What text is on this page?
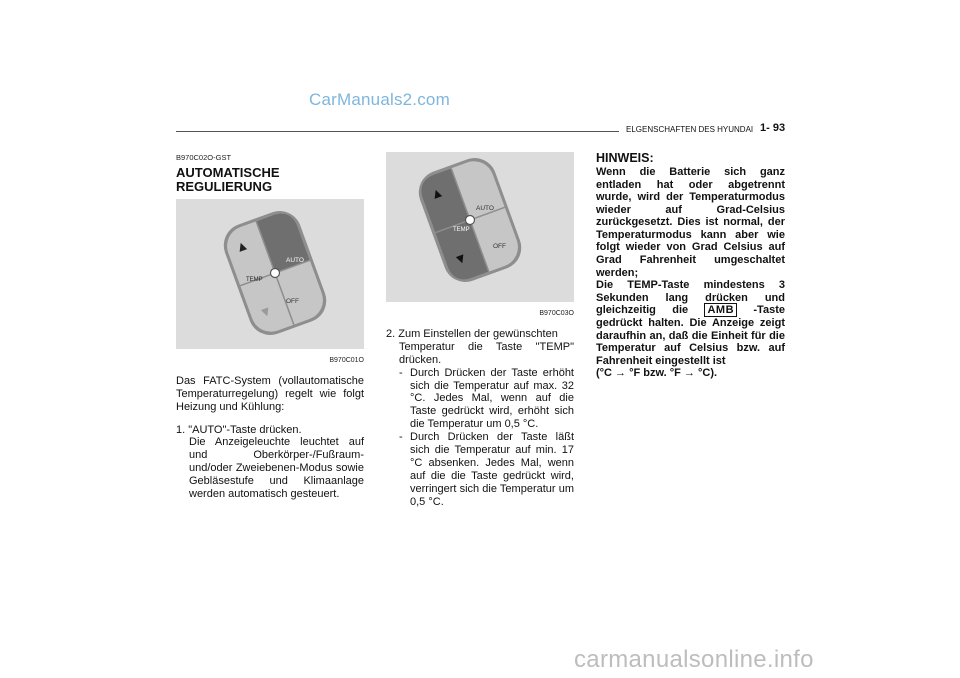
CarManuals2.com
ELGENSCHAFTEN DES HYUNDAI 1- 93
B970C02O-GST
AUTOMATISCHE
REGULIERUNG
AUTO
TEMP
OFF
B970C01O
Das FATC-System (vollautomatische Temperaturregelung) regelt wie folgt Heizung und Kühlung:
1. "AUTO"-Taste drücken.
Die Anzeigeleuchte leuchtet auf und Oberkörper-/Fußraum-und/oder Zweiebenen-Modus sowie Gebläsestufe und Klimaanlage werden automatisch gesteuert.
AUTO
TEMP
OFF
B970C03O
2. Zum Einstellen der gewünschten
Temperatur die Taste "TEMP" drücken.
- Durch Drücken der Taste erhöht sich die Temperatur auf max. 32 °C. Jedes Mal, wenn auf die Taste gedrückt wird, erhöht sich die Temperatur um 0,5 °C.
- Durch Drücken der Taste läßt sich die Temperatur auf min. 17 °C absenken. Jedes Mal, wenn auf die die Taste gedrückt wird, verringert sich die Temperatur um 0,5 °C.
HINWEIS:
Wenn die Batterie sich ganz entladen hat oder abgetrennt wurde, wird der Temperaturmodus wieder auf Grad-Celsius zurückgesetzt. Dies ist normal, der Temperaturmodus kann aber wie folgt wieder von Grad Celsius auf Grad Fahrenheit umgeschaltet werden;
Die TEMP-Taste mindestens 3 Sekunden lang drücken und gleichzeitig die AMB -Taste gedrückt halten. Die Anzeige zeigt daraufhin an, daß die Einheit für die Temperatur auf Celsius bzw. auf Fahrenheit eingestellt ist
(°C → °F bzw. °F → °C).
carmanualsonline.info
